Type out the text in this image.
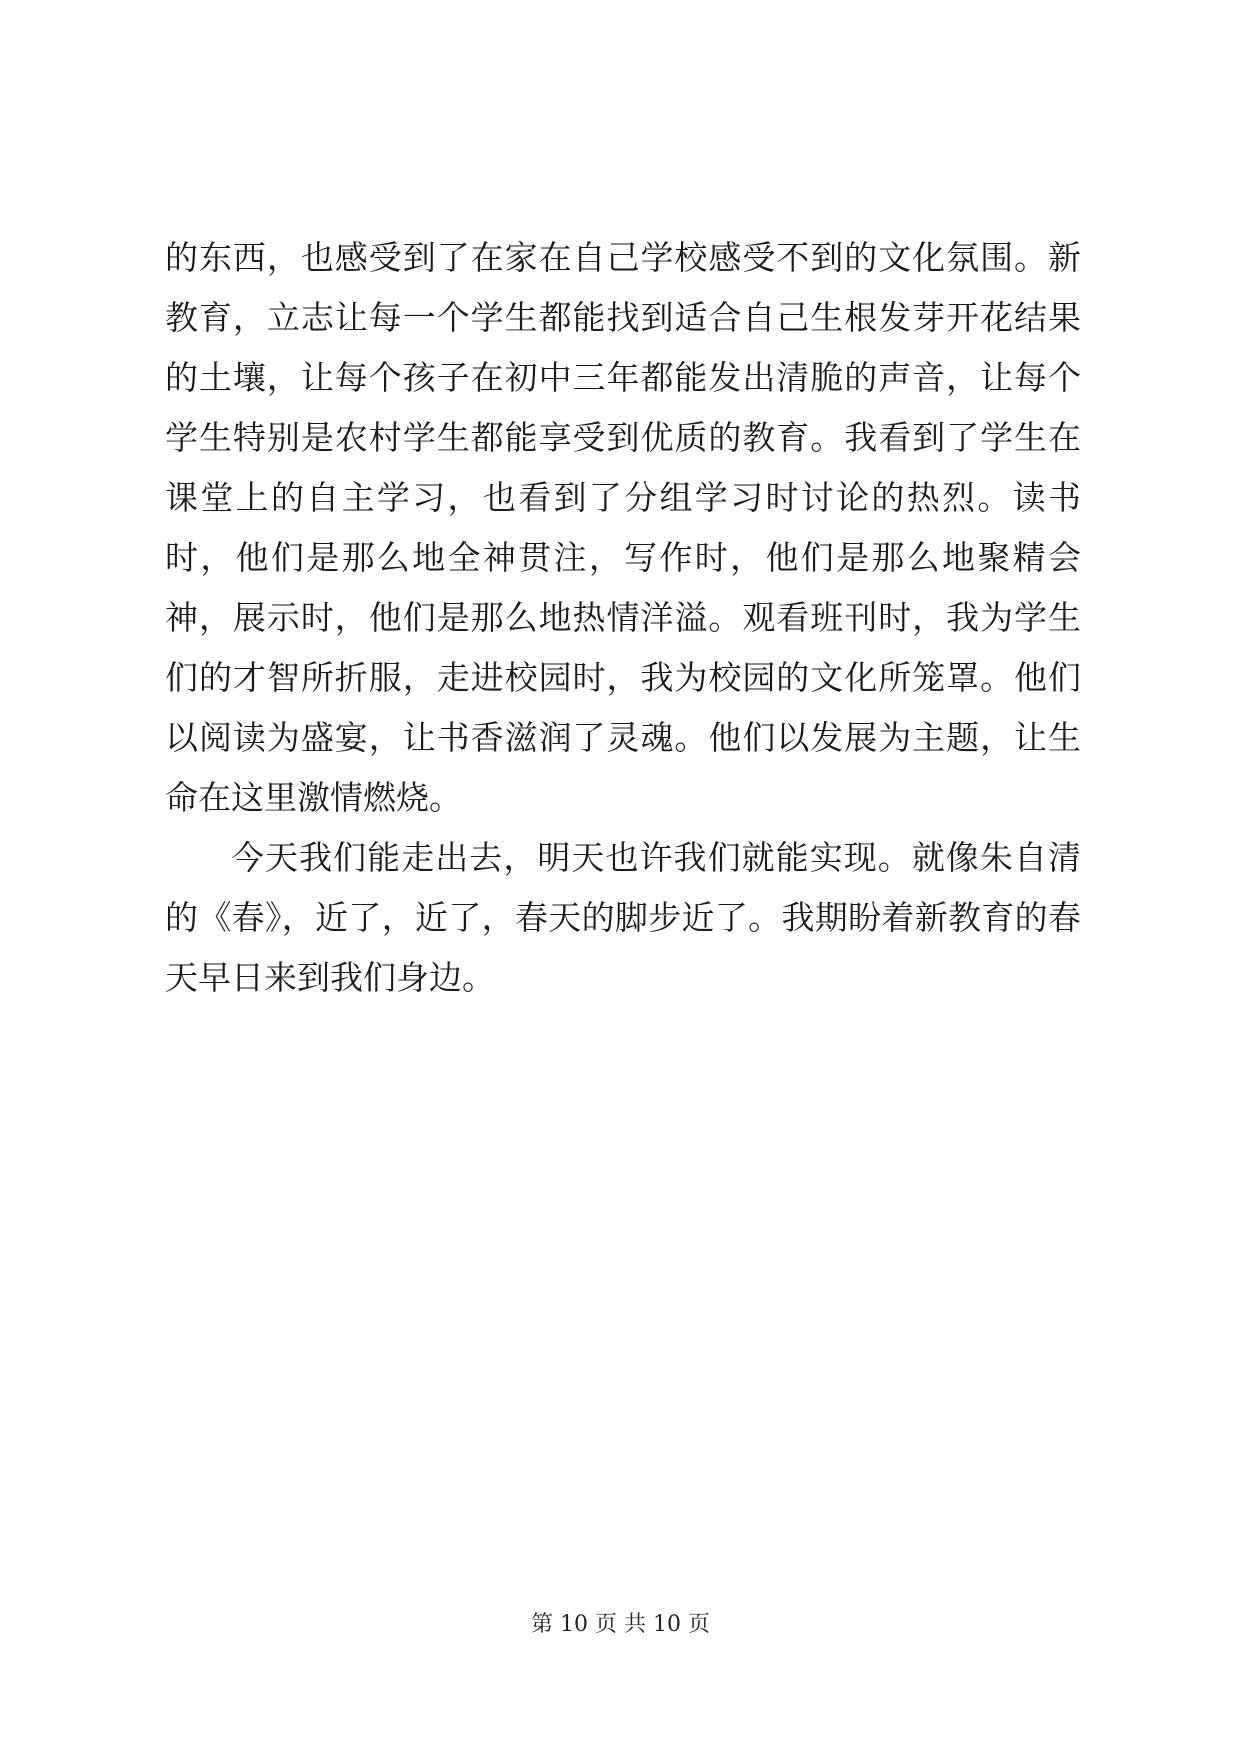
的东西，也感受到了在家在自己学校感受不到的文化氛围。新教育，立志让每一个学生都能找到适合自己生根发芽开花结果的土壤，让每个孩子在初中三年都能发出清脆的声音，让每个学生特别是农村学生都能享受到优质的教育。我看到了学生在课堂上的自主学习，也看到了分组学习时讨论的热烈。读书时，他们是那么地全神贯注，写作时，他们是那么地聚精会神，展示时，他们是那么地热情洋溢。观看班刊时，我为学生们的才智所折服，走进校园时，我为校园的文化所笼罩。他们以阅读为盛宴，让书香滋润了灵魂。他们以发展为主题，让生命在这里激情燃烧。

今天我们能走出去，明天也许我们就能实现。就像朱自清的《春》，近了，近了，春天的脚步近了。我期盼着新教育的春天早日来到我们身边。

第 10 页 共 10 页
